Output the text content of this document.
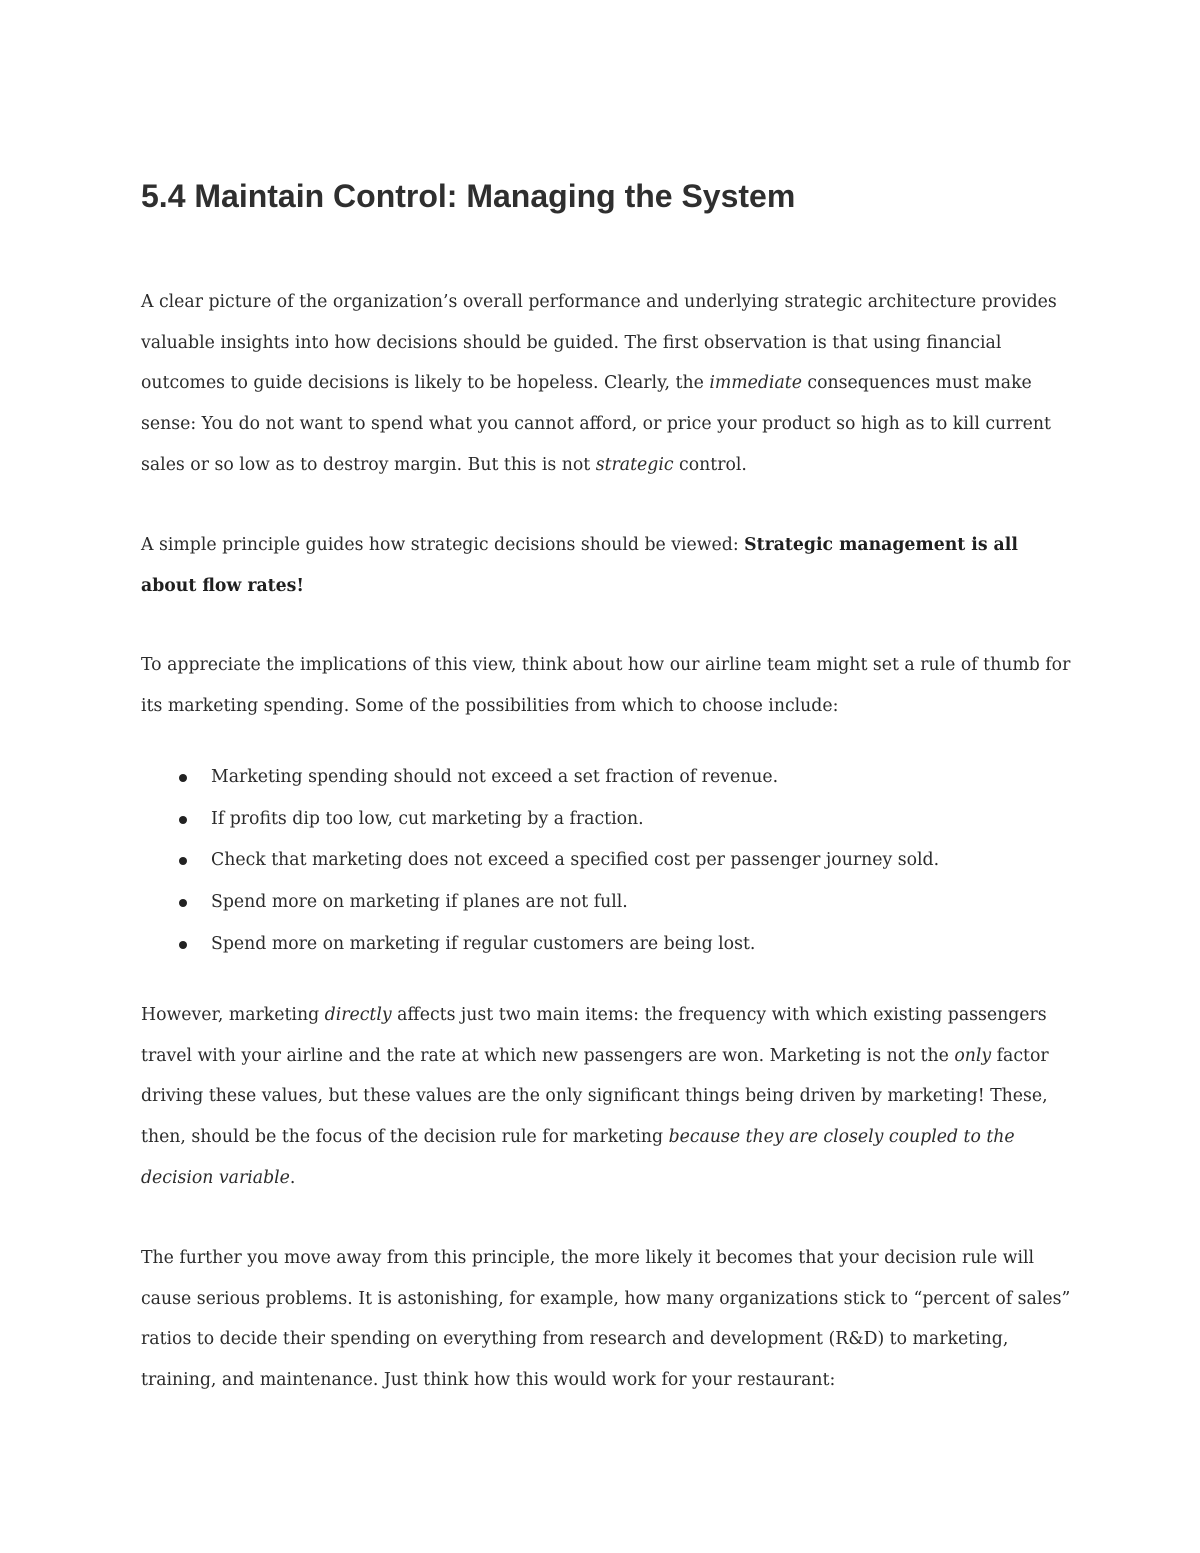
5.4 Maintain Control: Managing the System

A clear picture of the organization’s overall performance and underlying strategic architecture provides
valuable insights into how decisions should be guided. The first observation is that using financial
outcomes to guide decisions is likely to be hopeless. Clearly, the immediate consequences must make
sense: You do not want to spend what you cannot afford, or price your product so high as to kill current
sales or so low as to destroy margin. But this is not strategic control.

A simple principle guides how strategic decisions should be viewed: Strategic management is all
about flow rates!

To appreciate the implications of this view, think about how our airline team might set a rule of thumb for
its marketing spending. Some of the possibilities from which to choose include:

Marketing spending should not exceed a set fraction of revenue.
If profits dip too low, cut marketing by a fraction.
Check that marketing does not exceed a specified cost per passenger journey sold.
Spend more on marketing if planes are not full.
Spend more on marketing if regular customers are being lost.

However, marketing directly affects just two main items: the frequency with which existing passengers
travel with your airline and the rate at which new passengers are won. Marketing is not the only factor
driving these values, but these values are the only significant things being driven by marketing! These,
then, should be the focus of the decision rule for marketing because they are closely coupled to the
decision variable.

The further you move away from this principle, the more likely it becomes that your decision rule will
cause serious problems. It is astonishing, for example, how many organizations stick to “percent of sales”
ratios to decide their spending on everything from research and development (R&D) to marketing,
training, and maintenance. Just think how this would work for your restaurant:
